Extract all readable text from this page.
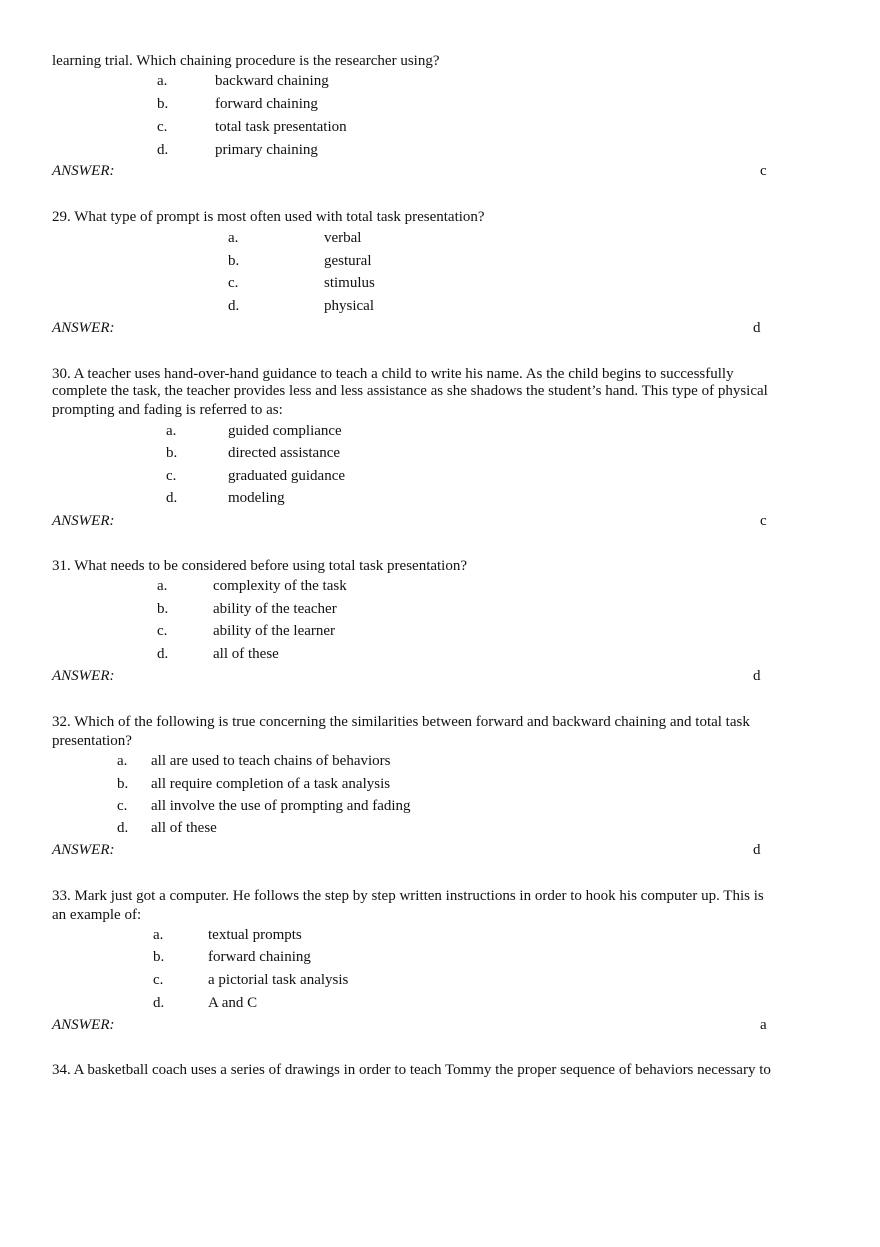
learning trial. Which chaining procedure is the researcher using?
a.	backward chaining
b.	forward chaining
c.	total task presentation
d.	primary chaining
ANSWER:	c
29. What type of prompt is most often used with total task presentation?
a.	verbal
b.	gestural
c.	stimulus
d.	physical
ANSWER:	d
30. A teacher uses hand-over-hand guidance to teach a child to write his name. As the child begins to successfully
complete the task, the teacher provides less and less assistance as she shadows the student’s hand. This type of physical
prompting and fading is referred to as:
a.	guided compliance
b.	directed assistance
c.	graduated guidance
d.	modeling
ANSWER:	c
31. What needs to be considered before using total task presentation?
a.	complexity of the task
b.	ability of the teacher
c.	ability of the learner
d.	all of these
ANSWER:	d
32. Which of the following is true concerning the similarities between forward and backward chaining and total task
presentation?
a. all are used to teach chains of behaviors
b. all require completion of a task analysis
c. all involve the use of prompting and fading
d. all of these
ANSWER:	d
33. Mark just got a computer. He follows the step by step written instructions in order to hook his computer up. This is
an example of:
a.	textual prompts
b.	forward chaining
c.	a pictorial task analysis
d.	A and C
ANSWER:	a
34. A basketball coach uses a series of drawings in order to teach Tommy the proper sequence of behaviors necessary to
